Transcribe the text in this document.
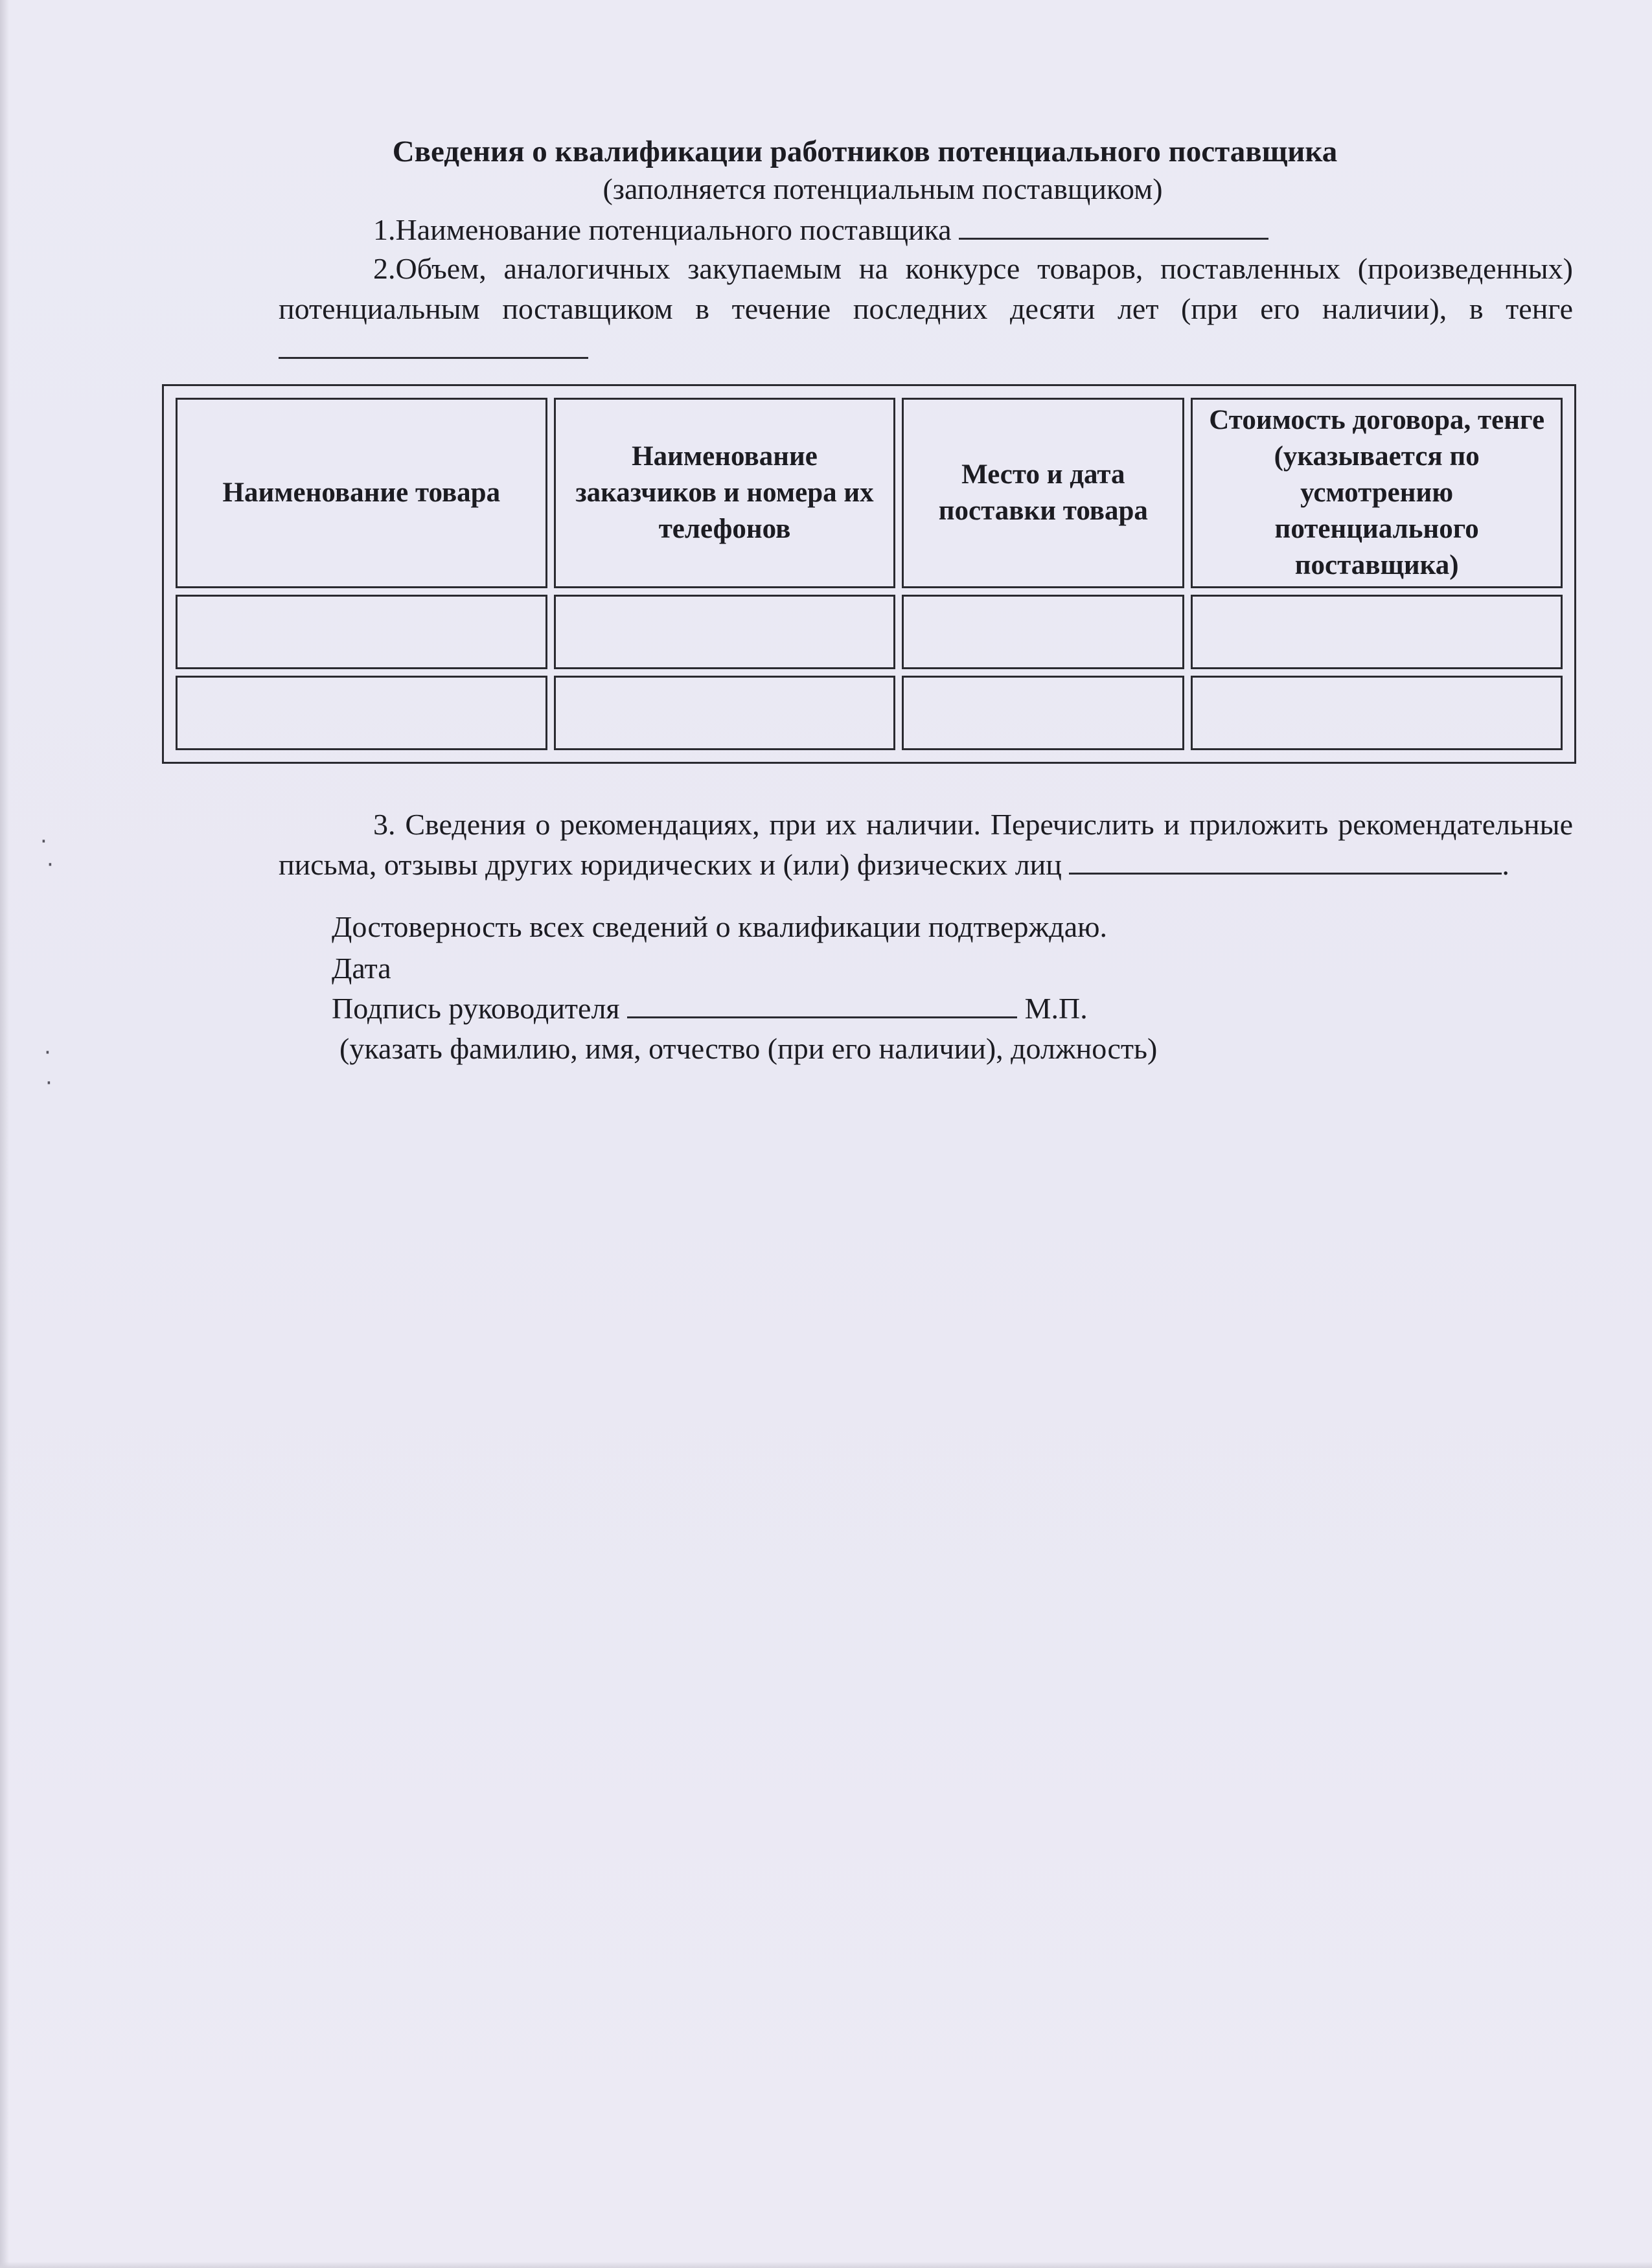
·
·
·
·
Сведения о квалификации работников потенциального поставщика
(заполняется потенциальным поставщиком)
1.Наименование потенциального поставщика
2.Объем, аналогичных закупаемым на конкурсе товаров, поставленных (произведенных) потенциальным поставщиком в течение последних десяти лет (при его наличии), в тенге
Наименование товара	Наименование заказчиков и номера их телефонов	Место и дата поставки товара	Стоимость договора, тенге (указывается по усмотрению потенциального поставщика)

3. Сведения о рекомендациях, при их наличии. Перечислить и приложить рекомендательные письма, отзывы других юридических и (или) физических лиц	.
Достоверность всех сведений о квалификации подтверждаю.
Дата
Подпись руководителя	М.П.
(указать фамилию, имя, отчество (при его наличии), должность)
